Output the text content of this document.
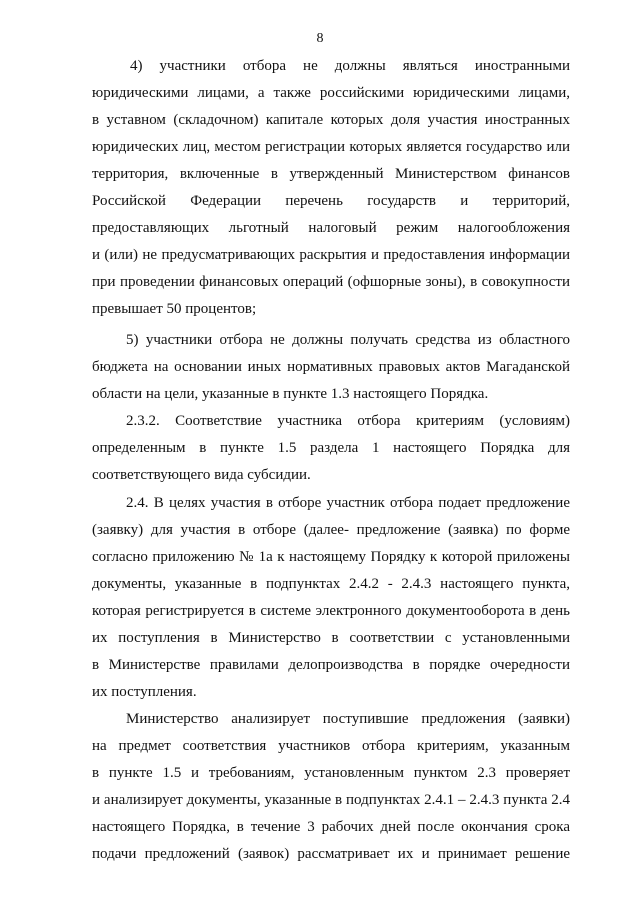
8
4) участники отбора не должны являться иностранными
юридическими лицами, а также российскими юридическими лицами,
в уставном (складочном) капитале которых доля участия иностранных
юридических лиц, местом регистрации которых является государство или
территория, включенные в утвержденный Министерством финансов
Российской Федерации перечень государств и территорий,
предоставляющих льготный налоговый режим налогообложения
и (или) не предусматривающих раскрытия и предоставления информации
при проведении финансовых операций (офшорные зоны), в совокупности
превышает 50 процентов;
5) участники отбора не должны получать средства из областного
бюджета на основании иных нормативных правовых актов Магаданской
области на цели, указанные в пункте 1.3 настоящего Порядка.
2.3.2. Соответствие участника отбора критериям (условиям)
определенным в пункте 1.5 раздела 1 настоящего Порядка для
соответствующего вида субсидии.
2.4. В целях участия в отборе участник отбора подает предложение
(заявку) для участия в отборе (далее- предложение (заявка) по форме
согласно приложению № 1а к настоящему Порядку к которой приложены
документы, указанные в подпунктах 2.4.2 - 2.4.3 настоящего пункта,
которая регистрируется в системе электронного документооборота в день
их поступления в Министерство в соответствии с установленными
в Министерстве правилами делопроизводства в порядке очередности
их поступления.
Министерство анализирует поступившие предложения (заявки)
на предмет соответствия участников отбора критериям, указанным
в пункте 1.5 и требованиям, установленным пунктом 2.3 проверяет
и анализирует документы, указанные в подпунктах 2.4.1 – 2.4.3 пункта 2.4
настоящего Порядка, в течение 3 рабочих дней после окончания срока
подачи предложений (заявок) рассматривает их и принимает решение
